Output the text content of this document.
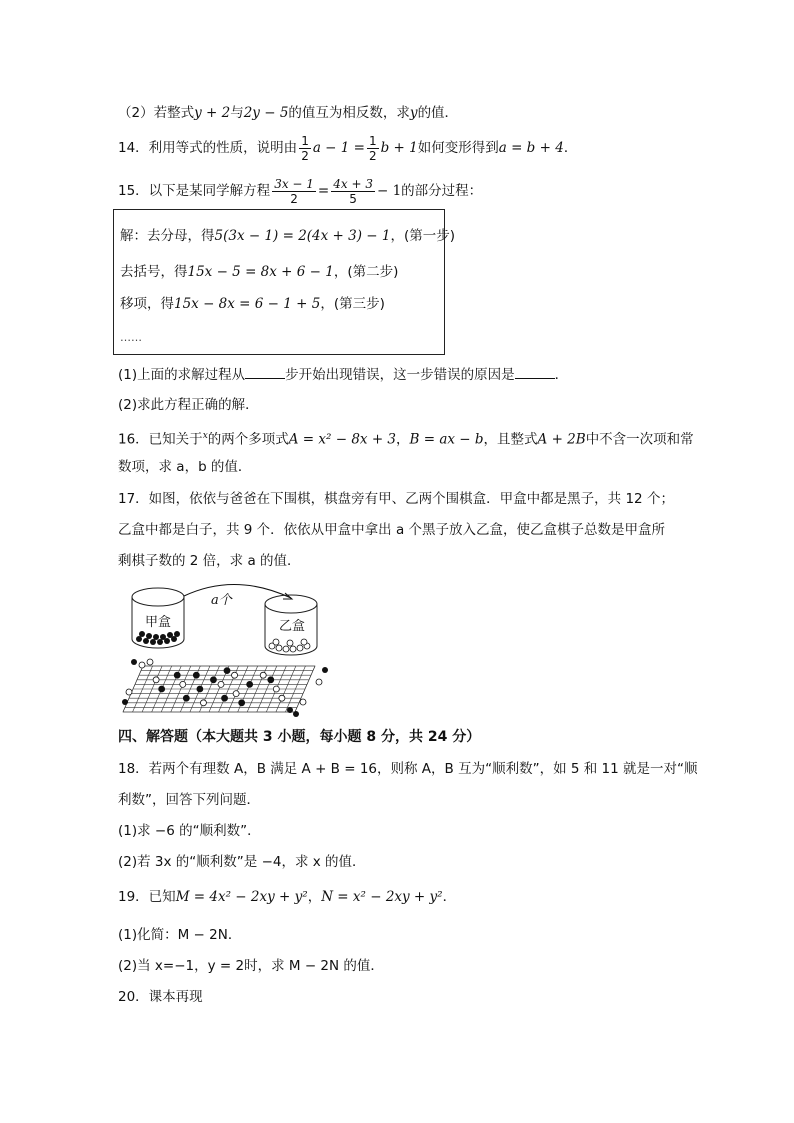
（2）若整式y + 2与2y − 5的值互为相反数，求y的值．
14．利用等式的性质，说明由 $\frac{1}{2}$ $a - 1 = \frac{1}{2}$ b + 1如何变形得到a = b + 4．
15．以下是某同学解方程 $\frac{3x - 1}{2} = \frac{4x + 3}{5} - 1$的部分过程：
解：去分母，得5(3x − 1) = 2(4x + 3) − 1，(第一步)
去括号，得15x − 5 = 8x + 6 − 1，(第二步)
移项，得15x − 8x = 6 − 1 + 5，(第三步)
……
(1)上面的求解过程从	步开始出现错误，这一步错误的原因是	．
(2)求此方程正确的解．
16．已知关于$^x$的两个多项式A = x² − 8x + 3，B = ax − b，且整式A + 2B中不含一次项和常
数项，求 a，b 的值．
17．如图，依依与爸爸在下围棋，棋盘旁有甲、乙两个围棋盒．甲盒中都是黑子，共 12 个；
乙盒中都是白子，共 9 个．依依从甲盒中拿出 a 个黑子放入乙盒，使乙盒棋子总数是甲盒所
剩棋子数的 2 倍，求 a 的值．
甲盒	乙盒
a个
四、解答题（本大题共 3 小题，每小题 8 分，共 24 分）
18．若两个有理数 A，B 满足 A + B = 16，则称 A，B 互为“顺利数”，如 5 和 11 就是一对“顺
利数”，回答下列问题．
(1)求 −6 的“顺利数”．
(2)若 3x 的“顺利数”是 −4，求 x 的值．
19．已知M = 4x² − 2xy + y²，N = x² − 2xy + y²．
(1)化简：M − 2N．
(2)当 x=−1，y = 2时，求 M − 2N 的值．
20．课本再现
